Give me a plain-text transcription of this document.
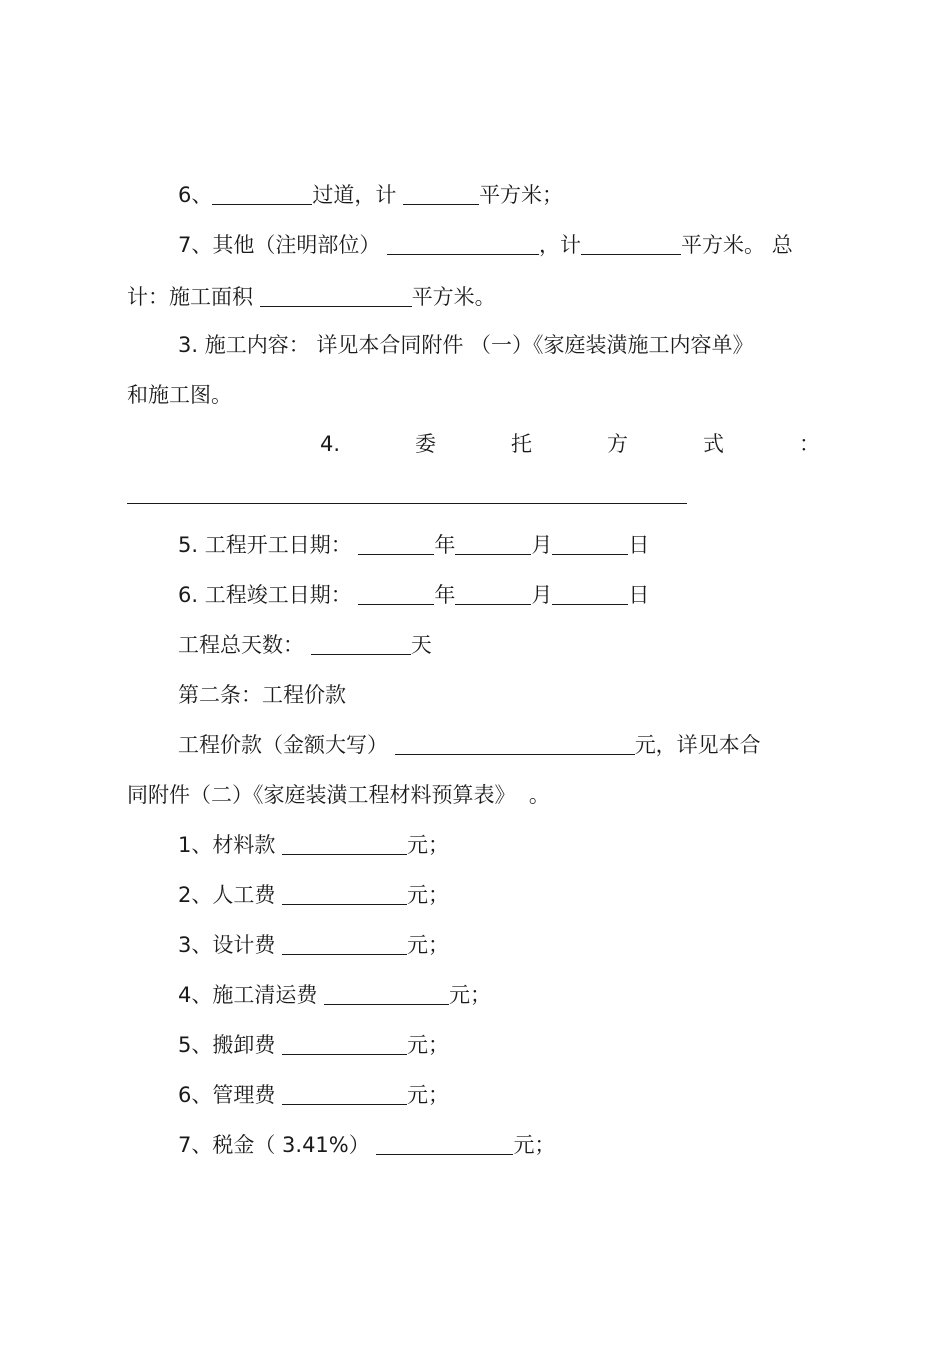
6、	过道，计	平方米；
7、其他（注明部位）	，计	平方米。 总
计：施工面积	平方米。
3. 施工内容： 详见本合同附件 （一）《家庭装潢施工内容单》
和施工图。
4.	委	托	方	式	：
5. 工程开工日期：	年	月	日
6. 工程竣工日期：	年	月	日
工程总天数：	天
第二条：工程价款
工程价款（金额大写）	元，详见本合
同附件（二）《家庭装潢工程材料预算表》  。
1、材料款	元；
2、人工费	元；
3、设计费	元；
4、施工清运费	元；
5、搬卸费	元；
6、管理费	元；
7、税金（ 3.41%）	元；
